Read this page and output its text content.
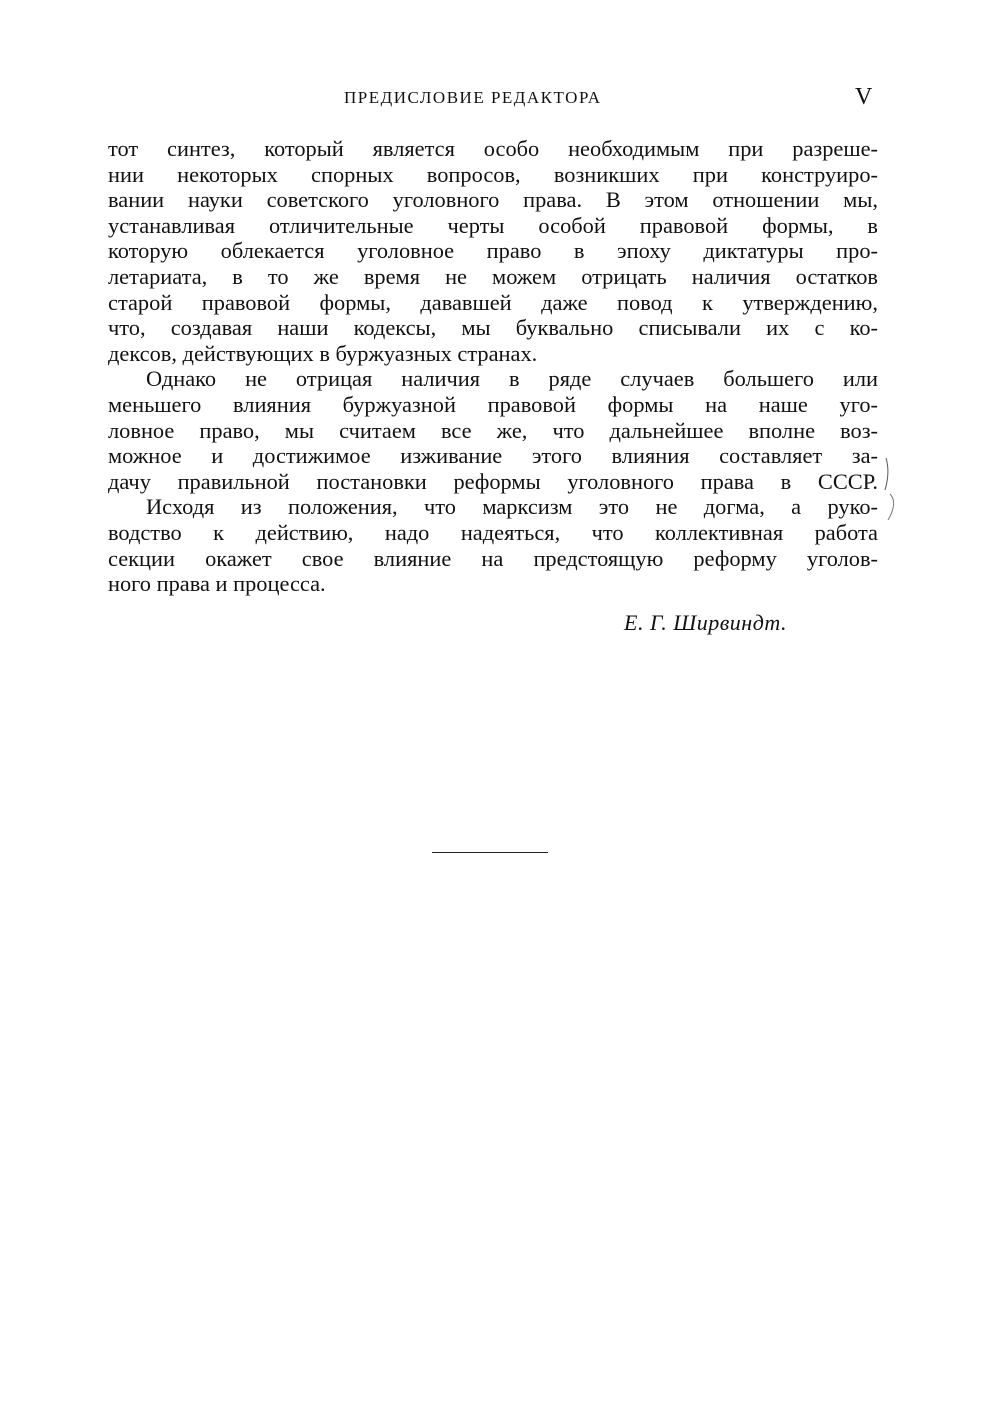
ПРЕДИСЛОВИЕ РЕДАКТОРА	V
тот синтез, который является особо необходимым при разреше-
нии некоторых спорных вопросов, возникших при конструиро-
вании науки советского уголовного права. В этом отношении мы,
устанавливая отличительные черты особой правовой формы, в
которую облекается уголовное право в эпоху диктатуры про-
летариата, в то же время не можем отрицать наличия остатков
старой правовой формы, дававшей даже повод к утверждению,
что, создавая наши кодексы, мы буквально списывали их с ко-
дексов, действующих в буржуазных странах.
Однако не отрицая наличия в ряде случаев большего или
меньшего влияния буржуазной правовой формы на наше уго-
ловное право, мы считаем все же, что дальнейшее вполне воз-
можное и достижимое изживание этого влияния составляет за-
дачу правильной постановки реформы уголовного права в СССР.
Исходя из положения, что марксизм это не догма, а руко-
водство к действию, надо надеяться, что коллективная работа
секции окажет свое влияние на предстоящую реформу уголов-
ного права и процесса.
Е. Г. Ширвиндт.
